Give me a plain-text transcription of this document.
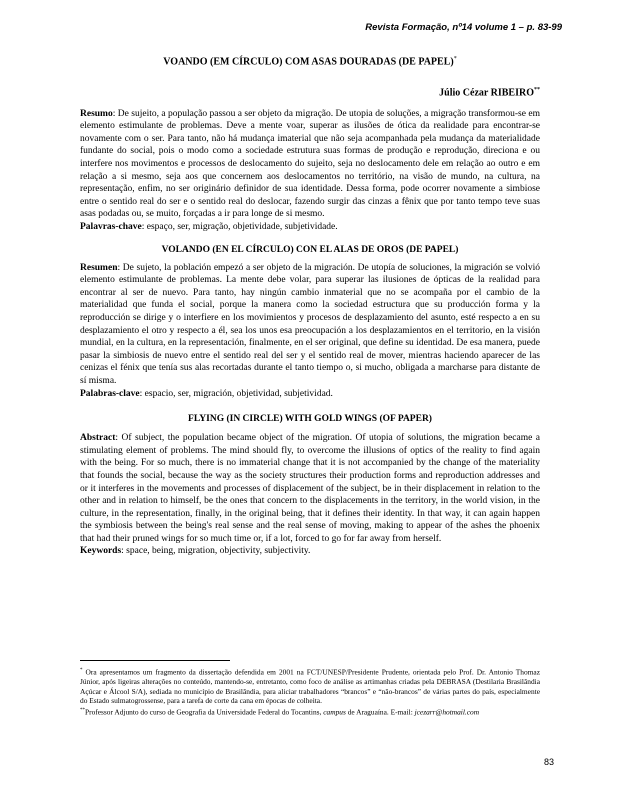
Revista Formação, nº14 volume 1 – p. 83-99

VOANDO (EM CÍRCULO) COM ASAS DOURADAS (DE PAPEL)*

Júlio Cézar RIBEIRO**

Resumo: De sujeito, a população passou a ser objeto da migração. De utopia de soluções, a migração transformou-se em elemento estimulante de problemas. Deve a mente voar, superar as ilusões de ótica da realidade para encontrar-se novamente com o ser. Para tanto, não há mudança imaterial que não seja acompanhada pela mudança da materialidade fundante do social, pois o modo como a sociedade estrutura suas formas de produção e reprodução, direciona e ou interfere nos movimentos e processos de deslocamento do sujeito, seja no deslocamento dele em relação ao outro e em relação a si mesmo, seja aos que concernem aos deslocamentos no território, na visão de mundo, na cultura, na representação, enfim, no ser originário definidor de sua identidade. Dessa forma, pode ocorrer novamente a simbiose entre o sentido real do ser e o sentido real do deslocar, fazendo surgir das cinzas a fênix que por tanto tempo teve suas asas podadas ou, se muito, forçadas a ir para longe de si mesmo.

Palavras-chave: espaço, ser, migração, objetividade, subjetividade.

VOLANDO (EN EL CÍRCULO) CON EL ALAS DE OROS (DE PAPEL)

Resumen: De sujeto, la población empezó a ser objeto de la migración. De utopía de soluciones, la migración se volvió elemento estimulante de problemas. La mente debe volar, para superar las ilusiones de ópticas de la realidad para encontrar al ser de nuevo. Para tanto, hay ningún cambio inmaterial que no se acompaña por el cambio de la materialidad que funda el social, porque la manera como la sociedad estructura que su producción forma y la reproducción se dirige y o interfiere en los movimientos y procesos de desplazamiento del asunto, esté respecto a en su desplazamiento el otro y respecto a él, sea los unos esa preocupación a los desplazamientos en el territorio, en la visión mundial, en la cultura, en la representación, finalmente, en el ser original, que define su identidad. De esa manera, puede pasar la simbiosis de nuevo entre el sentido real del ser y el sentido real de mover, mientras haciendo aparecer de las cenizas el fénix que tenía sus alas recortadas durante el tanto tiempo o, si mucho, obligada a marcharse para distante de sí misma.

Palabras-clave: espacio, ser, migración, objetividad, subjetividad.

FLYING (IN CIRCLE) WITH GOLD WINGS (OF PAPER)

Abstract: Of subject, the population became object of the migration. Of utopia of solutions, the migration became a stimulating element of problems. The mind should fly, to overcome the illusions of optics of the reality to find again with the being. For so much, there is no immaterial change that it is not accompanied by the change of the materiality that founds the social, because the way as the society structures their production forms and reproduction addresses and or it interferes in the movements and processes of displacement of the subject, be in their displacement in relation to the other and in relation to himself, be the ones that concern to the displacements in the territory, in the world vision, in the culture, in the representation, finally, in the original being, that it defines their identity. In that way, it can again happen the symbiosis between the being's real sense and the real sense of moving, making to appear of the ashes the phoenix that had their pruned wings for so much time or, if a lot, forced to go for far away from herself.

Keywords: space, being, migration, objectivity, subjectivity.

* Ora apresentamos um fragmento da dissertação defendida em 2001 na FCT/UNESP/Presidente Prudente, orientada pelo Prof. Dr. Antonio Thomaz Júnior, após ligeiras alterações no conteúdo, mantendo-se, entretanto, como foco de análise as artimanhas criadas pela DEBRASA (Destilaria Brasilândia Açúcar e Álcool S/A), sediada no município de Brasilândia, para aliciar trabalhadores “brancos” e “não-brancos” de várias partes do país, especialmente do Estado sulmatogrossense, para a tarefa de corte da cana em épocas de colheita.

**Professor Adjunto do curso de Geografia da Universidade Federal do Tocantins, campus de Araguaína. E-mail: jcezarr@hotmail.com

83
